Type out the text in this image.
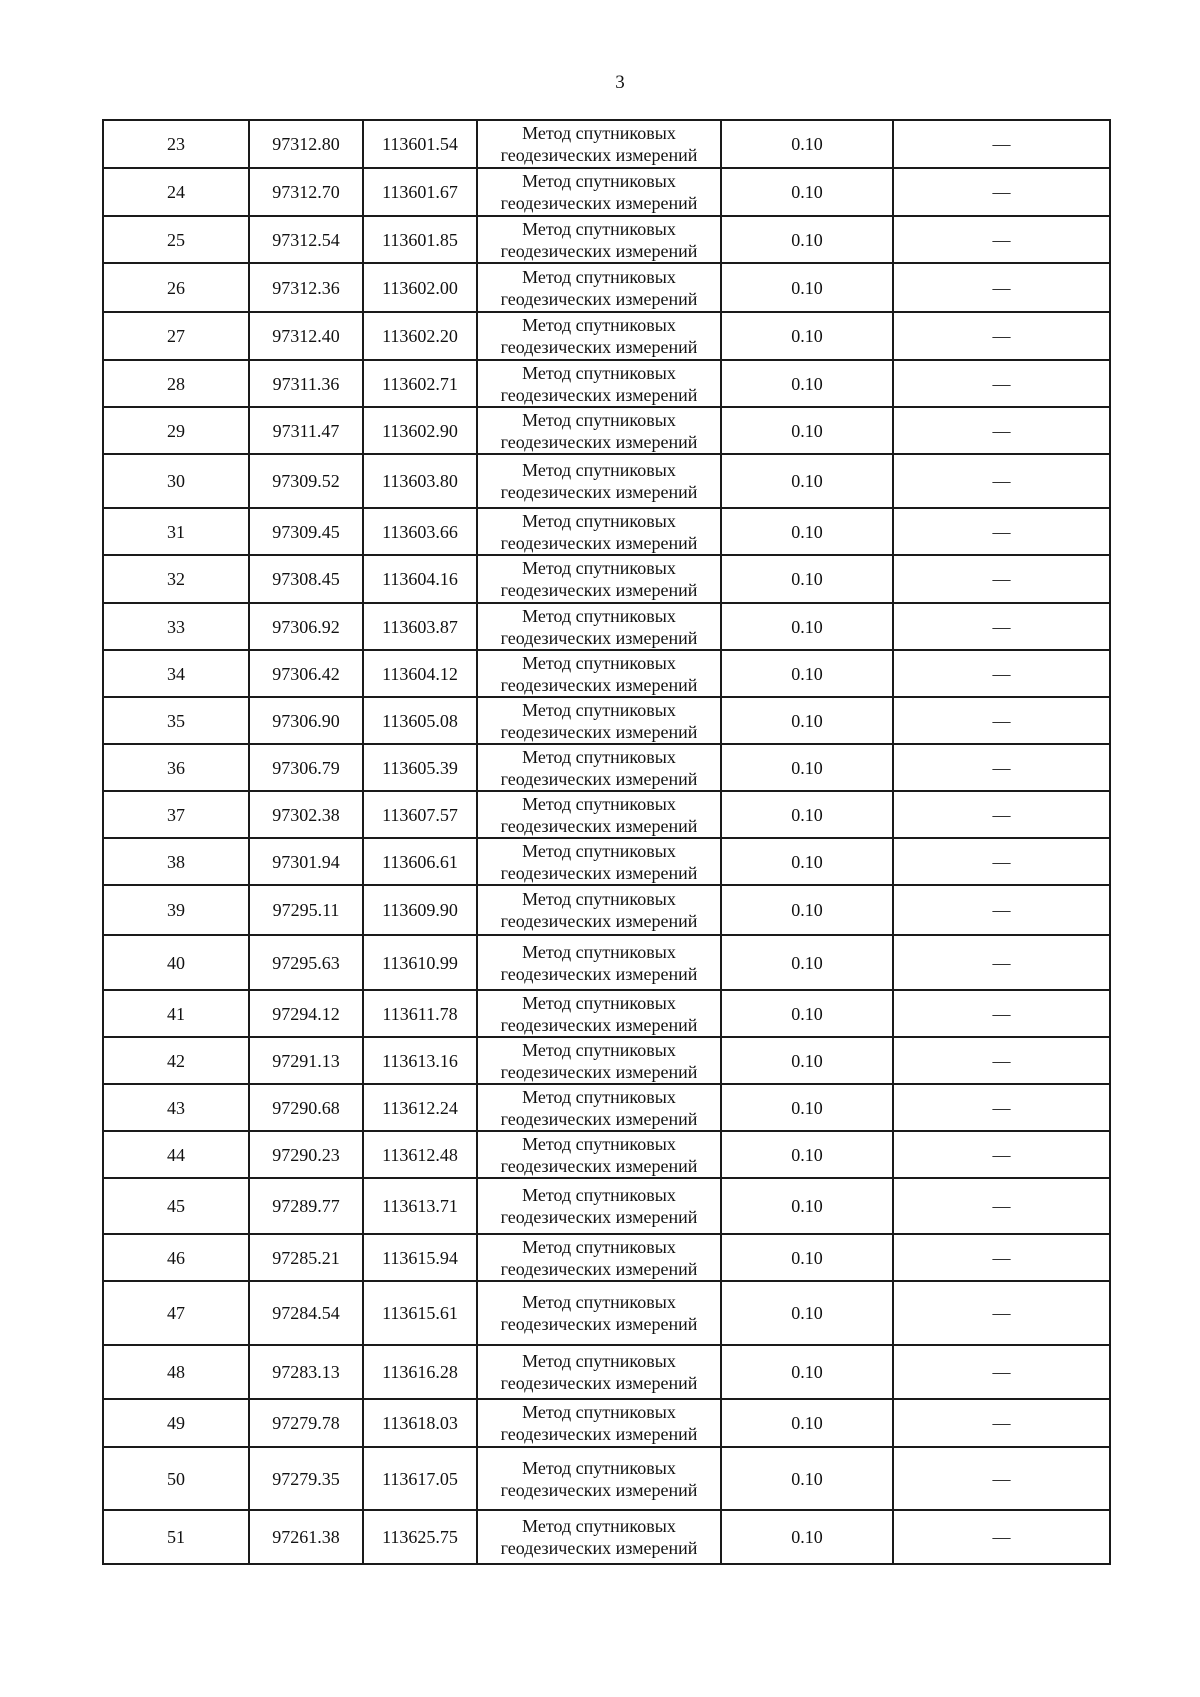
3
23	97312.80	113601.54	Метод спутниковых
геодезических измерений	0.10	—
24	97312.70	113601.67	Метод спутниковых
геодезических измерений	0.10	—
25	97312.54	113601.85	Метод спутниковых
геодезических измерений	0.10	—
26	97312.36	113602.00	Метод спутниковых
геодезических измерений	0.10	—
27	97312.40	113602.20	Метод спутниковых
геодезических измерений	0.10	—
28	97311.36	113602.71	Метод спутниковых
геодезических измерений	0.10	—
29	97311.47	113602.90	Метод спутниковых
геодезических измерений	0.10	—
30	97309.52	113603.80	Метод спутниковых
геодезических измерений	0.10	—
31	97309.45	113603.66	Метод спутниковых
геодезических измерений	0.10	—
32	97308.45	113604.16	Метод спутниковых
геодезических измерений	0.10	—
33	97306.92	113603.87	Метод спутниковых
геодезических измерений	0.10	—
34	97306.42	113604.12	Метод спутниковых
геодезических измерений	0.10	—
35	97306.90	113605.08	Метод спутниковых
геодезических измерений	0.10	—
36	97306.79	113605.39	Метод спутниковых
геодезических измерений	0.10	—
37	97302.38	113607.57	Метод спутниковых
геодезических измерений	0.10	—
38	97301.94	113606.61	Метод спутниковых
геодезических измерений	0.10	—
39	97295.11	113609.90	Метод спутниковых
геодезических измерений	0.10	—
40	97295.63	113610.99	Метод спутниковых
геодезических измерений	0.10	—
41	97294.12	113611.78	Метод спутниковых
геодезических измерений	0.10	—
42	97291.13	113613.16	Метод спутниковых
геодезических измерений	0.10	—
43	97290.68	113612.24	Метод спутниковых
геодезических измерений	0.10	—
44	97290.23	113612.48	Метод спутниковых
геодезических измерений	0.10	—
45	97289.77	113613.71	Метод спутниковых
геодезических измерений	0.10	—
46	97285.21	113615.94	Метод спутниковых
геодезических измерений	0.10	—
47	97284.54	113615.61	Метод спутниковых
геодезических измерений	0.10	—
48	97283.13	113616.28	Метод спутниковых
геодезических измерений	0.10	—
49	97279.78	113618.03	Метод спутниковых
геодезических измерений	0.10	—
50	97279.35	113617.05	Метод спутниковых
геодезических измерений	0.10	—
51	97261.38	113625.75	Метод спутниковых
геодезических измерений	0.10	—
